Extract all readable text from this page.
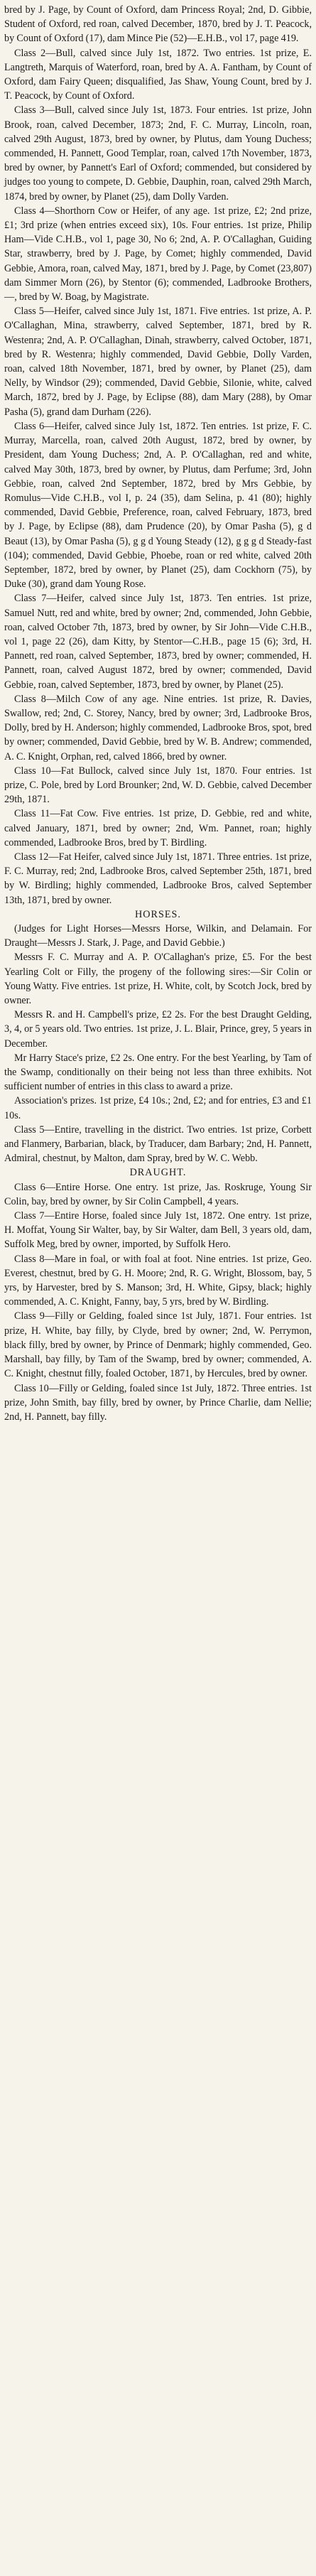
bred by J. Page, by Count of Oxford, dam Princess Royal; 2nd, D. Gibbie, Student of Oxford, red roan, calved December, 1870, bred by J. T. Peacock, by Count of Oxford (17), dam Mince Pie (52)—E.H.B., vol 17, page 419.

Class 2—Bull, calved since July 1st, 1872. Two entries. 1st prize, E. Langtreth, Marquis of Waterford, roan, bred by A. A. Fantham, by Count of Oxford, dam Fairy Queen; disqualified, Jas Shaw, Young Count, bred by J. T. Peacock, by Count of Oxford.

Class 3—Bull, calved since July 1st, 1873. Four entries. 1st prize, John Brook, roan, calved December, 1873; 2nd, F. C. Murray, Lincoln, roan, calved 29th August, 1873, bred by owner, by Plutus, dam Young Duchess; commended, H. Pannett, Good Templar, roan, calved 17th November, 1873, bred by owner, by Pannett's Earl of Oxford; commended, but considered by judges too young to compete, D. Gebbie, Dauphin, roan, calved 29th March, 1874, bred by owner, by Planet (25), dam Dolly Varden.

Class 4—Shorthorn Cow or Heifer, of any age. 1st prize, £2; 2nd prize, £1; 3rd prize (when entries exceed six), 10s. Four entries. 1st prize, Philip Ham—Vide C.H.B., vol 1, page 30, No 6; 2nd, A. P. O'Callaghan, Guiding Star, strawberry, bred by J. Page, by Comet; highly commended, David Gebbie, Amora, roan, calved May, 1871, bred by J. Page, by Comet (23,807) dam Simmer Morn (26), by Stentor (6); commended, Ladbrooke Brothers, —, bred by W. Boag, by Magistrate.

Class 5—Heifer, calved since July 1st, 1871. Five entries. 1st prize, A. P. O'Callaghan, Mina, strawberry, calved September, 1871, bred by R. Westenra; 2nd, A. P. O'Callaghan, Dinah, strawberry, calved October, 1871, bred by R. Westenra; highly commended, David Gebbie, Dolly Varden, roan, calved 18th November, 1871, bred by owner, by Planet (25), dam Nelly, by Windsor (29); commended, David Gebbie, Silonie, white, calved March, 1872, bred by J. Page, by Eclipse (88), dam Mary (288), by Omar Pasha (5), grand dam Durham (226).

Class 6—Heifer, calved since July 1st, 1872. Ten entries. 1st prize, F. C. Murray, Marcella, roan, calved 20th August, 1872, bred by owner, by President, dam Young Duchess; 2nd, A. P. O'Callaghan, red and white, calved May 30th, 1873, bred by owner, by Plutus, dam Perfume; 3rd, John Gebbie, roan, calved 2nd September, 1872, bred by Mrs Gebbie, by Romulus—Vide C.H.B., vol I, p. 24 (35), dam Selina, p. 41 (80); highly commended, David Gebbie, Preference, roan, calved February, 1873, bred by J. Page, by Eclipse (88), dam Prudence (20), by Omar Pasha (5), g d Beaut (13), by Omar Pasha (5), g g d Young Steady (12), g g g d Steady-fast (104); commended, David Gebbie, Phoebe, roan or red white, calved 20th September, 1872, bred by owner, by Planet (25), dam Cockhorn (75), by Duke (30), grand dam Young Rose.

Class 7—Heifer, calved since July 1st, 1873. Ten entries. 1st prize, Samuel Nutt, red and white, bred by owner; 2nd, commended, John Gebbie, roan, calved October 7th, 1873, bred by owner, by Sir John—Vide C.H.B., vol 1, page 22 (26), dam Kitty, by Stentor—C.H.B., page 15 (6); 3rd, H. Pannett, red roan, calved September, 1873, bred by owner; commended, H. Pannett, roan, calved August 1872, bred by owner; commended, David Gebbie, roan, calved September, 1873, bred by owner, by Planet (25).

Class 8—Milch Cow of any age. Nine entries. 1st prize, R. Davies, Swallow, red; 2nd, C. Storey, Nancy, bred by owner; 3rd, Ladbrooke Bros, Dolly, bred by H. Anderson; highly commended, Ladbrooke Bros, spot, bred by owner; commended, David Gebbie, bred by W. B. Andrew; commended, A. C. Knight, Orphan, red, calved 1866, bred by owner.

Class 10—Fat Bullock, calved since July 1st, 1870. Four entries. 1st prize, C. Pole, bred by Lord Brounker; 2nd, W. D. Gebbie, calved December 29th, 1871.

Class 11—Fat Cow. Five entries. 1st prize, D. Gebbie, red and white, calved January, 1871, bred by owner; 2nd, Wm. Pannet, roan; highly commended, Ladbrooke Bros, bred by T. Birdling.

Class 12—Fat Heifer, calved since July 1st, 1871. Three entries. 1st prize, F. C. Murray, red; 2nd, Ladbrooke Bros, calved September 25th, 1871, bred by W. Birdling; highly commended, Ladbrooke Bros, calved September 13th, 1871, bred by owner.

HORSES.

(Judges for Light Horses—Messrs Horse, Wilkin, and Delamain. For Draught—Messrs J. Stark, J. Page, and David Gebbie.)

Messrs F. C. Murray and A. P. O'Callaghan's prize, £5. For the best Yearling Colt or Filly, the progeny of the following sires:—Sir Colin or Young Watty. Five entries. 1st prize, H. White, colt, by Scotch Jock, bred by owner.

Messrs R. and H. Campbell's prize, £2 2s. For the best Draught Gelding, 3, 4, or 5 years old. Two entries. 1st prize, J. L. Blair, Prince, grey, 5 years in December.

Mr Harry Stace's prize, £2 2s. One entry. For the best Yearling, by Tam of the Swamp, conditionally on their being not less than three exhibits. Not sufficient number of entries in this class to award a prize.

Association's prizes. 1st prize, £4 10s.; 2nd, £2; and for entries, £3 and £1 10s.

Class 5—Entire, travelling in the district. Two entries. 1st prize, Corbett and Flanmery, Barbarian, black, by Traducer, dam Barbary; 2nd, H. Pannett, Admiral, chestnut, by Malton, dam Spray, bred by W. C. Webb.

DRAUGHT.

Class 6—Entire Horse. One entry. 1st prize, Jas. Roskruge, Young Sir Colin, bay, bred by owner, by Sir Colin Campbell, 4 years.

Class 7—Entire Horse, foaled since July 1st, 1872. One entry. 1st prize, H. Moffat, Young Sir Walter, bay, by Sir Walter, dam Bell, 3 years old, dam, Suffolk Meg, bred by owner, imported, by Suffolk Hero.

Class 8—Mare in foal, or with foal at foot. Nine entries. 1st prize, Geo. Everest, chestnut, bred by G. H. Moore; 2nd, R. G. Wright, Blossom, bay, 5 yrs, by Harvester, bred by S. Manson; 3rd, H. White, Gipsy, black; highly commended, A. C. Knight, Fanny, bay, 5 yrs, bred by W. Birdling.

Class 9—Filly or Gelding, foaled since 1st July, 1871. Four entries. 1st prize, H. White, bay filly, by Clyde, bred by owner; 2nd, W. Perrymon, black filly, bred by owner, by Prince of Denmark; highly commended, Geo. Marshall, bay filly, by Tam of the Swamp, bred by owner; commended, A. C. Knight, chestnut filly, foaled October, 1871, by Hercules, bred by owner.

Class 10—Filly or Gelding, foaled since 1st July, 1872. Three entries. 1st prize, John Smith, bay filly, bred by owner, by Prince Charlie, dam Nellie; 2nd, H. Pannett, bay filly.
